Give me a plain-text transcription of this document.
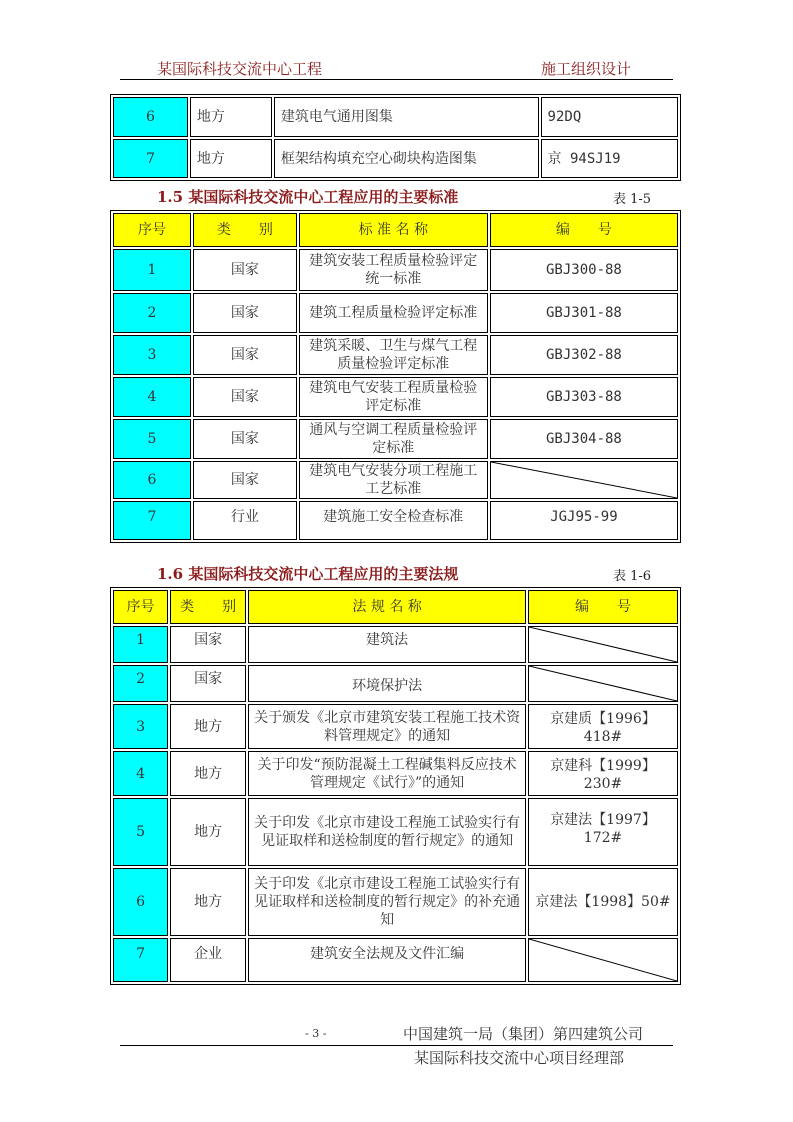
某国际科技交流中心工程	施工组织设计
6	地方	建筑电气通用图集	92DQ
7	地方	框架结构填充空心砌块构造图集	京 94SJ19
1.5 某国际科技交流中心工程应用的主要标准	表 1-5
序号	类　　别	标 准 名 称	编　　号
1	国家	建筑安装工程质量检验评定统一标准	GBJ300-88
2	国家	建筑工程质量检验评定标准	GBJ301-88
3	国家	建筑采暖、卫生与煤气工程质量检验评定标准	GBJ302-88
4	国家	建筑电气安装工程质量检验评定标准	GBJ303-88
5	国家	通风与空调工程质量检验评定标准	GBJ304-88
6	国家	建筑电气安装分项工程施工工艺标准	

7	行业	建筑施工安全检查标准	JGJ95-99
1.6 某国际科技交流中心工程应用的主要法规	表 1-6
序号	类　　别	法 规 名 称	编　　号
1	国家	建筑法	

2	国家	环境保护法	

3	地方	关于颁发《北京市建筑安装工程施工技术资料管理规定》的通知	京建质【1996】418#
4	地方	关于印发“预防混凝土工程碱集料反应技术管理规定《试行》”的通知	京建科【1999】230#
5	地方	关于印发《北京市建设工程施工试验实行有见证取样和送检制度的暂行规定》的通知	京建法【1997】172#
6	地方	关于印发《北京市建设工程施工试验实行有见证取样和送检制度的暂行规定》的补充通知	京建法【1998】50#
7	企业	建筑安全法规及文件汇编	
- 3 -	中国建筑一局（集团）第四建筑公司
某国际科技交流中心项目经理部
